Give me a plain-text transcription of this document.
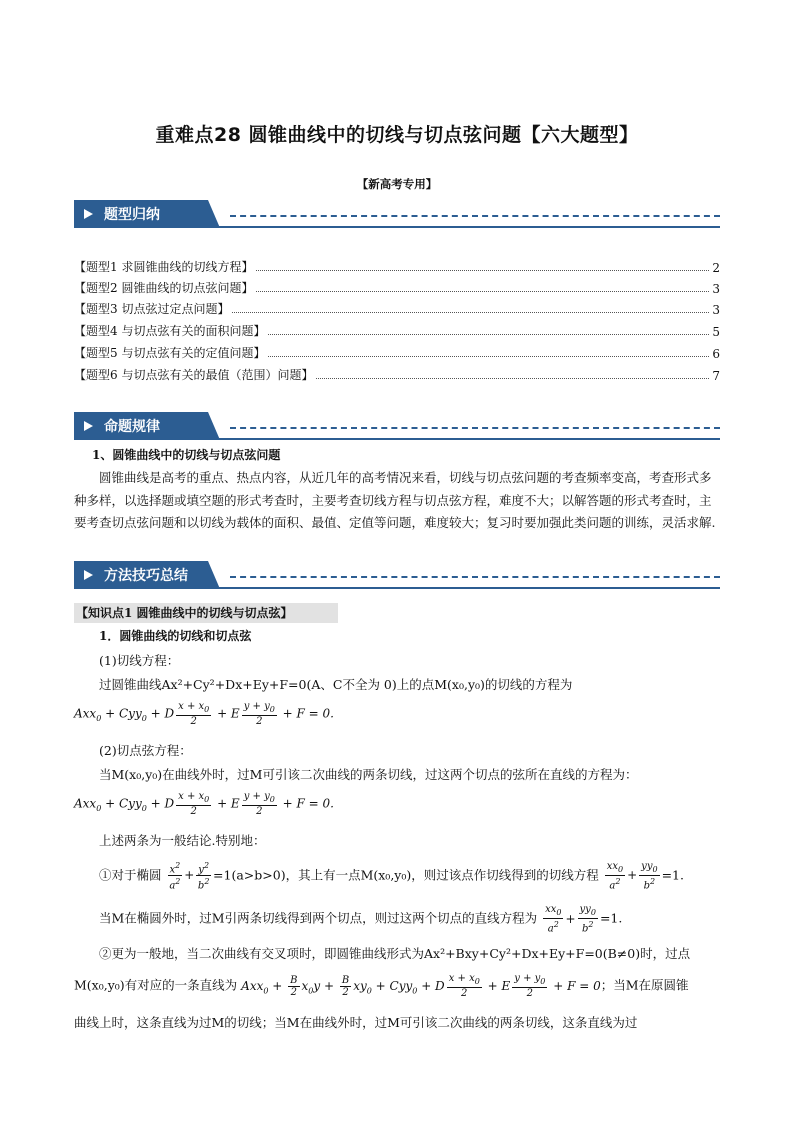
重难点28 圆锥曲线中的切线与切点弦问题【六大题型】
【新高考专用】
题型归纳
【题型1 求圆锥曲线的切线方程】	2
【题型2 圆锥曲线的切点弦问题】	3
【题型3 切点弦过定点问题】	3
【题型4 与切点弦有关的面积问题】	5
【题型5 与切点弦有关的定值问题】	6
【题型6 与切点弦有关的最值（范围）问题】	7
命题规律
1、圆锥曲线中的切线与切点弦问题
圆锥曲线是高考的重点、热点内容，从近几年的高考情况来看，切线与切点弦问题的考查频率变高，考查形式多种多样，以选择题或填空题的形式考查时，主要考查切线方程与切点弦方程，难度不大；以解答题的形式考查时，主要考查切点弦问题和以切线为载体的面积、最值、定值等问题，难度较大；复习时要加强此类问题的训练，灵活求解.
方法技巧总结
【知识点1 圆锥曲线中的切线与切点弦】
1．圆锥曲线的切线和切点弦
(1)切线方程：
过圆锥曲线Ax²+Cy²+Dx+Ey+F=0(A、C不全为 0)上的点M(x₀,y₀)的切线的方程为
Axx$_0$ + Cyy$_0$ + D $\frac{x + x_0}{2} + E \frac{y + y_0}{2} + F = 0$.
(2)切点弦方程：
当M(x₀,y₀)在曲线外时，过M可引该二次曲线的两条切线，过这两个切点的弦所在直线的方程为：
Axx$_0$ + Cyy$_0$ + D $\frac{x + x_0}{2} + E \frac{y + y_0}{2} + F = 0$.
上述两条为一般结论.特别地：
①对于椭圆 $\frac{x^2}{a^2} + \frac{y^2}{b^2} =1(a>b>0)$，其上有一点M(x₀,y₀)，则过该点作切线得到的切线方程 $\frac{xx_0}{a^2} + \frac{yy_0}{b^2} =1$.
当M在椭圆外时，过M引两条切线得到两个切点，则过这两个切点的直线方程为 $\frac{xx_0}{a^2} + \frac{yy_0}{b^2} =1$.
②更为一般地，当二次曲线有交叉项时，即圆锥曲线形式为Ax²+Bxy+Cy²+Dx+Ey+F=0(B≠0)时，过点
M(x₀,y₀)有对应的一条直线为 $Axx_0 + \frac{B}{2} x_0y + \frac{B}{2} xy_0 + Cyy_0 + D \frac{x + x_0}{2} + E \frac{y + y_0}{2} + F = 0$；当M在原圆锥
曲线上时，这条直线为过M的切线；当M在曲线外时，过M可引该二次曲线的两条切线，这条直线为过
